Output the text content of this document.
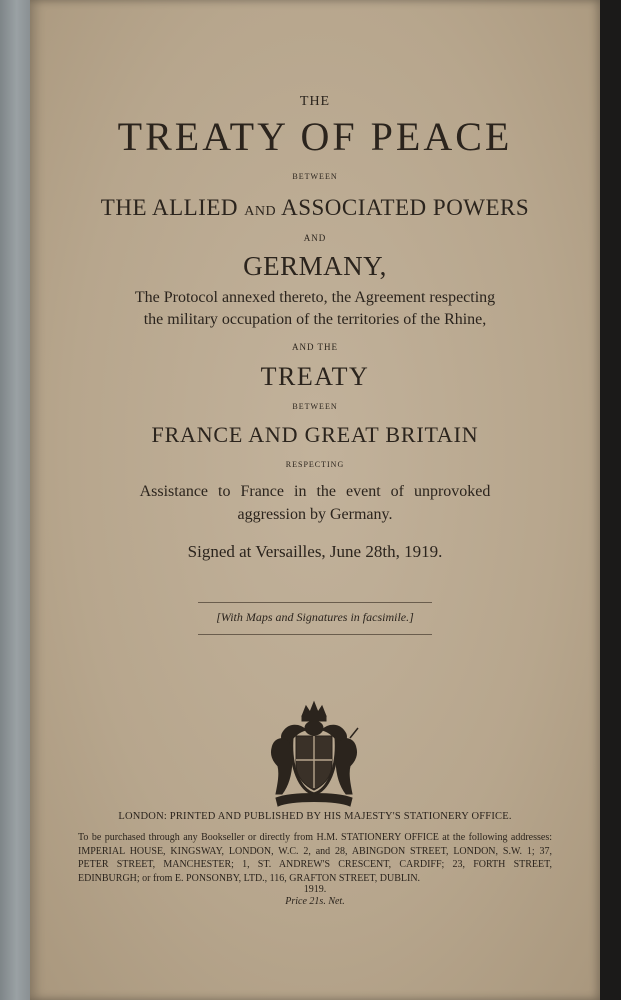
THE
TREATY OF PEACE
BETWEEN
THE ALLIED AND ASSOCIATED POWERS
AND
GERMANY,
The Protocol annexed thereto, the Agreement respecting
the military occupation of the territories of the Rhine,
AND THE
TREATY
BETWEEN
FRANCE AND GREAT BRITAIN
RESPECTING
Assistance to France in the event of unprovoked
aggression by Germany.
Signed at Versailles, June 28th, 1919.
[With Maps and Signatures in facsimile.]
LONDON: PRINTED AND PUBLISHED BY HIS MAJESTY'S STATIONERY OFFICE.

To be purchased through any Bookseller or directly from H.M. STATIONERY OFFICE at the following addresses: IMPERIAL HOUSE, KINGSWAY, LONDON, W.C. 2, and 28, ABINGDON STREET, LONDON, S.W. 1; 37, PETER STREET, MANCHESTER; 1, ST. ANDREW'S CRESCENT, CARDIFF; 23, FORTH STREET, EDINBURGH; or from E. PONSONBY, LTD., 116, GRAFTON STREET, DUBLIN.

1919.
Price 21s. Net.
